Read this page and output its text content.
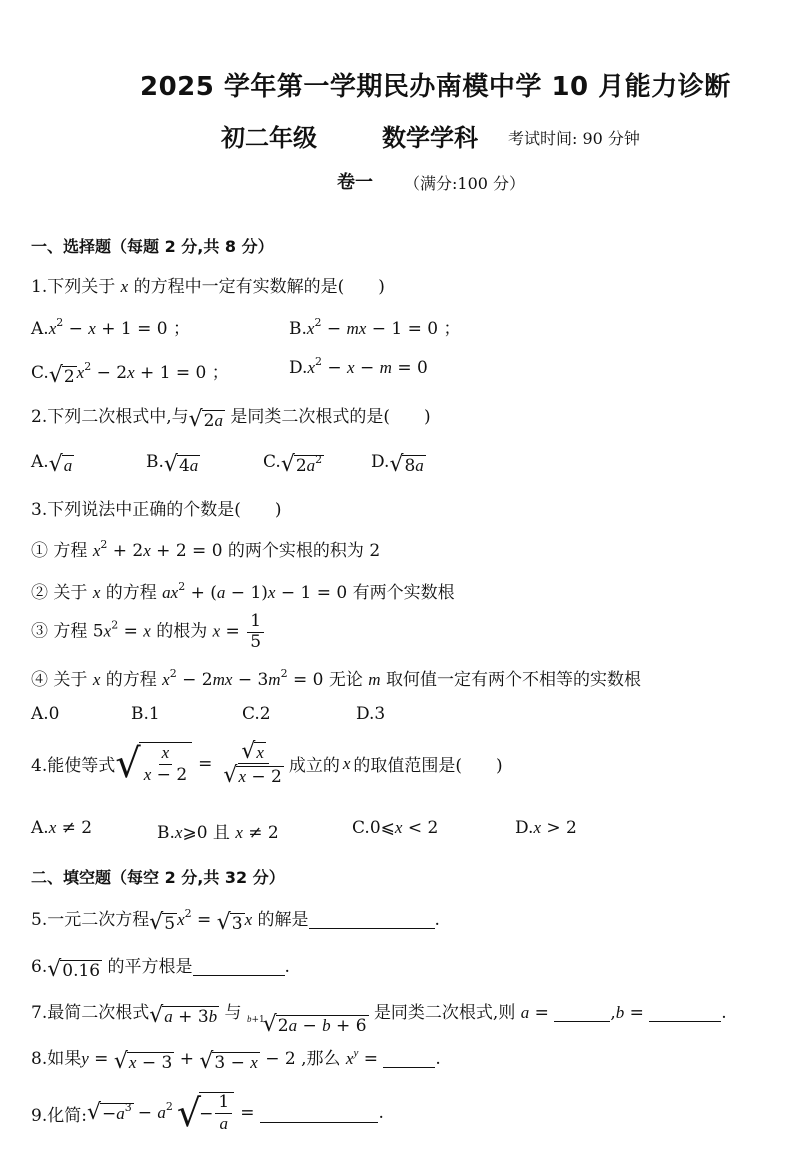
2025 学年第一学期民办南模中学 10 月能力诊断
初二年级	数学学科 考试时间: 90 分钟
卷一 （满分:100 分）
一、选择题（每题 2 分,共 8 分）
1.下列关于 x 的方程中一定有实数解的是(　　)
$A.x^2 - x + 1 = 0$ ；	$B.x^2$ − mx − 1 = 0 ；
C. √ 2 $x^2 - 2x + 1 = 0$ ；	$D.x^2 - x - m = 0$
2.下列二次根式中,与 √ 2a 是同类二次根式的是(　　)
A. √ a	B. √ 4a	C. √ $2a^2$	D. √ 8a
3.下列说法中正确的个数是(　　)
① 方程 $x^2 + 2x + 2 = 0$ 的两个实根的积为 2
② 关于 x 的方程 $ax^2 + (a - 1)x - 1 = 0$ 有两个实数根
③ 方程 $5x^2 = x$ 的根为 $x = \frac{1}{5}$
④ 关于 x 的方程 $x^2 - 2mx - 3m^2 = 0$ 无论 m 取何值一定有两个不相等的实数根
A.0	B.1	C.2	D.3
4.能使等式 √ $\frac{x}{x - 2} = \frac{√ x}{√ x - 2}$ 成立的 x 的取值范围是(　　)
A.x ≠ 2	B.x⩾0 且 x ≠ 2	C.0⩽x < 2	D.x > 2
二、填空题（每空 2 分,共 32 分）
5.一元二次方程 √ 5 $x^2$ = √ 3 x 的解是	.
6. √ 0.16 的平方根是	.
7.最简二次根式 √ a + 3b 与 b+1
√ 2a − b + 6
是同类二次根式,则 a =	,b =	.
8.如果y = √ x − 3 + √ 3 − x − 2 ,那么 $x^y$ =	.
9.化简: √ $-a^3 - a^2$ √
− $\frac{1}{a}$ =	.
